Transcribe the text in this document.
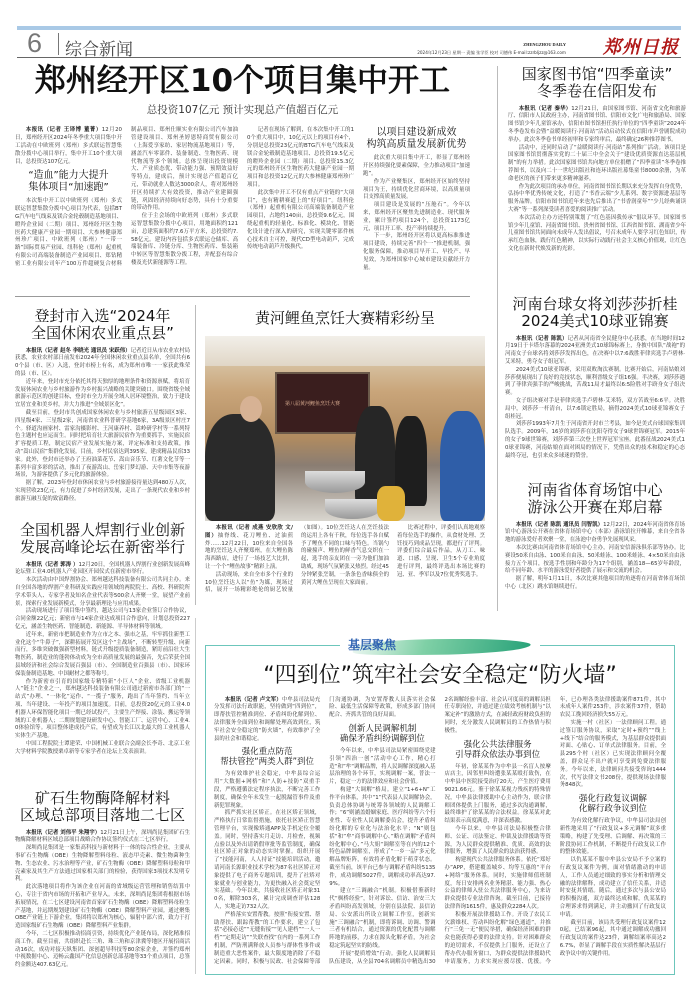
6 综合新闻	ZHENGZHOU DAILY
2024年12月23日 星期一 责编 张学臣 校对 司德伟 E-mail:zzrbljzz@163.com 郑州日报
郑州经开区10个项目集中开工
总投资107亿元 预计实现总产值超百亿元

本报讯（记者 王译博 董菁）12月20日，郑州经开区2024年冬季重大项目集中开工活动在中欧班列（郑州）多式联运智慧集散分拨中心项目举行，集中开工10个重大项目，总投资达107亿元。

“造血”能力大提升
集体项目“加速跑”

本次集中开工以中欧班列（郑州）多式联运智慧集散分拨中心项目为代表，包括BTG汽车电气线束及镁合金轮毂制造基地项目、瞪羚企业园（二期）项目、郑州经开区生物医药大健康产业园一期项目、大参林健康郑州珍广项目、中欧班列（郑州）“一带一路”国际贸易产业园、纽科伦（郑州）起重机有限公司高端装备制造产业园项目、郑钻精密工业有限公司年产100万件超硬复合材料制品项目、郑州仕顺实业有限公司汽车加油管建设项目、郑州圣婷恩特商贸有限公司（上海爱享家纺、家居物流基地项目）等，涵盖汽车零部件、装备制造、生物医药、现代物流等多个领域。总体呈现出投资规模大、产业质态优、带动能力强、预期效益好等特点，建成后，预计实现总产值超百亿元，带动就业人数达3000余人，将对郑州经开区持续扩大有效投资，推动产业建圈强链，巩固经济持续向好态势，具有十分重要的带动作用。

位于主会场的中欧班列（郑州）多式联运智慧集散分拨中心项目，用地面积约121亩，总建筑面积约7.6万平方米，总投资约7.58亿元。建设内容包括多式联运仓储库、高端装备库、冷链分库、生物医药库、集装箱中转区等智慧集散分拨工程，并配套有综合楼及光伏新能源等工程。

记者在现场了解到，在本次集中开工的10个重大项目中，10亿元以上的项目有4个，分别是总投资23亿元的BTG汽车电气线束及镁合金轮毂制造基地项目、总投资19.5亿元的瞪羚企业园（二期）项目、总投资15.3亿元的郑州经开区生物医药大健康产业园一期项目和总投资12亿元的大参林健康郑州珍广项目。

此次集中开工不仅有重点产业链的“大项目”，也有精耕赛道上的“好项目”。纽科伦（郑州）起重机有限公司高端装备制造产业园项目，占地约140亩，总投资9.6亿元，围绕起重机的轻量化、标准化、模块化、智能化设计进行深入的研究，实现关键零部件核心技术自主可控，现代CD型电动葫芦，完成传统电动葫芦升级换代。

以项目建设新成效
构筑高质量发展新优势

此次重大项目集中开工，彰显了郑州经开区持续强化要素保障，全力推动项目“加速跑”。

作为产业聚集区，郑州经开区始终坚持项目为王，持续优化营商环境，以高质量项目支撑高质量发展。

项目建设是发展的“压舱石”。今年以来，郑州经开区聚焦先进制造业、现代服务业，累计签约项目124个，总投资1173亿元，项目开工率、投产率持续提升。

下一步，郑州经开区将以更高标准推进项目建设，持续完善“四个一”推进机制，强化服务保障，推动项目早开工、早投产、早见效，为郑州国家中心城市建设贡献经开力量。

国家图书馆“四季童读”
冬季卷在信阳发布

本报讯（记者 秦华）12月21日，由国家图书馆、河南省文化和旅游厅、信阳市人民政府主办，河南省图书馆、信阳市文化广电和旅游局、国家图书馆少年儿童馆承办，信阳市图书馆担任执行单位的“四季童读”2024年冬季卷发布会暨“益暖阅读行·河南站”活动启动仪式在信阳市声誉剧院成功举办。此次冬季卷书单经初审和专家终审后，最终确定26种推荐图书。

活动中，还同时启动了“益暖阅读行·河南站”系列推广活动。该项目是国家图书馆贯彻落实党的二十届三中全会关于“建设优质资源直达基层机制”的有力举措。此次国家图书馆共向地方单位捐赠了“四季童读”冬季卷推荐图书，以及向二十一世纪出版社和连环出版社募集童书8000余册，为革命老区的孩子们带来更多精神滋养。

作为此次项目的承办单位，河南省图书馆长期以来充分发挥自身优势，弘扬中华优秀传统文化，打造了“书香云端”少儿系列、数字资源进基层等服务品牌。信阳市图书馆近年来也先后推出了“书香润童年”“少儿经典诵读大赛”等一系列深受读者喜爱的阅读推广活动。

本次活动主办方还特别策划了“红色基因我传承”倡议环节。国家图书馆少年儿童馆、河南省图书馆、贵州省图书馆、江西省图书馆、湖南省少年儿童图书馆共同面向未成年人发出倡议，号召未成年人要学习红色知识，传承红色血脉，践行红色精神，以实际行动践行社会主义核心价值观，让红色文化在新时代焕发新的光彩。

登封市入选“2024年
全国休闲农业重点县”

本报讯（记者 赵冬 李晓光 通讯员 宋跃伟）记者近日从市农业农村局获悉，农业农村部日前发布2024年全国休闲农业重点县名单，全国共有60个县（市、区）入选，登封市榜上有名，成为郑州市唯一一家获此殊荣的县（市、区）。

近年来，登封市充分依托其得天独厚的地理条件和资源禀赋，将培育发展休闲农业与乡村旅游作为乡村振兴战略的关键突破口。围绕省级全域旅游示范区的创建目标，登封市全力开展全域人居环境整治，致力于建设宜居宜业和美乡村，并大力推进“全域景区化”。

截至目前，登封市共创成国家休闲农业与乡村旅游五星级园区3家、四星级4家、三星级2家，河南省农业科普研学基地6家，3A级景区村庄7个。驿道沟画家村、雷家沟摄影村、王河康养村、嵩岭研学村等一系列特色主题村也应运而生。同时把培育壮大旅游民宿作为重要抓手，实施民宿扩容提质工程，制定民宿产业发展实施方案，评定标准和支持政策，推动“嵩山民宿”集群化发展。目前，乡村民宿达到395家，建成精品民宿33家。此外，登封市还举办了王府油菜花节、嵩山音乐节、红薯文化节等一系列丰富多彩的活动，推出了夜游嵩山、岳家门梦幻游、天中市集等夜游场景，为游客提供了多元化的旅游体验。

据了解，2023年登封市休闲农业与乡村旅游接待量达到480万人次，实现营收23亿元，有力促进了乡村经济发展，走出了一条现代农业和乡村旅游互融互促的致富路径。

全国机器人焊割行业创新
发展高峰论坛在新密举行

本报讯（记者 郭涛 ）12月20日，全国机器人焊割行业创新发展高峰论坛暨工业4.0机器人产业园区开园仪式在新密市举行。

本次活动由中国焊割协会、郑州越达科技装备有限公司共同主办。来自全国各地的焊割产业科研及实践应用领域的两院院士、高校、科研院所学术带头人、专家学者及知名企业代表等500余人齐聚一堂，展望产业前景，探索行业发展新模式，分享最新理论与应用成果。

活动现场进行了项目集中签约，越达公司与13家企业签订合作协议，合同金额22亿元；新密市与14家企业达成项目合作意向，计划总投资227亿元，涵盖生物医药、智能制造、新能源、半导体材料等领域。

近年来，新密市把制造业作为立市之本、强市之基，牢牢抓住新型工业化这个“牛鼻子”，深耕拓展开发区这个“主战场”，不断转型升级、向新而行，多维突破做强新型材料，链式升级提质装备制造，紧盯前沿壮大生物医药，制造业的蓬勃体动成为全市高质量发展的最强音，先后荣获全国县域经济和社会综合发展百强县（市）、全国制造业百强县（市）、国家环保装备制造基地、中国耐材之都等称号。

作为新密市引育的国家级专精特新“小巨人”企业、省级工业机器人“链主”企业之一，郑州越达科技装备有限公司通过新密市各部门的“一站式”办理、“一体化”运作、“一揽子”服务，跑出了当年签约、当年立项、当年建设、一年投产的项目加速度。目前，总投资20亿元的工业4.0机器人环保智能化项目一期已经试投产，主要生产焊接、涂装、搬运等领域的工业机器人；二期规划建设研发中心、智能工厂、运营中心、工业4.0体验馆等。项目整体建成投产后，有望成为长江以北最大的工业机器人实体生产基地。

中国工程院院士谭建荣、中国机械工业联合会副会长李奇、北京工业大学材料学院教授栗卓新等专家学者在论坛上发表演讲。

矿石生物酶降解材料
区域总部项目落地二七区

本报讯（记者 刘伟平 朱翔宇）12月21日上午，深圳尚昆集团矿石生物酶降解材料区域总部项目战略合作协议签约仪式在二七区举行。

深圳尚昆集团是一家集高科技与新材料于一体的综合性企业，主要从事矿石生物酶（OBE）生物降解塑料母粒、液态甲壳素、微生物菌种生物、生态农业、污水治理等产业，矿石生物酶（OBE）降解塑料母粒和甲壳素家及其生产方法通过国家相关部门的检验，获得国家3项技术发明专利。

此次落地项目将作为该企业在河南的省域级运营管理和销售结算中心，专注于省内市场的开拓和产业导入。未来，深圳尚昆集团将根据市场拓展情况，在二七区建设河南省首家矿石生物酶（OBE）降解塑料母粒生产基地，并远期规划建设矿石生物酶（OBE）降解塑料产业园。通过聚集OBE产业链上下游企业，集团将以郑州为核心，辐射中部六省，致力于打造国家级矿石生物酶（OBE）降解塑料产业集群。

今年，二七区积极推动招商引资，持续优化产业链布局，深化精准招商工作。截至目前，共组织赴长三角、珠三角和京津冀等地区开展招商活动16次，成功对接天纵集团、深创超导科技等80余家企业，并签约郑州中视数据中心、迈畅云鑫国产化信息创新总部基地等33个重点项目，总签约金额达407.63亿元。

黄河鲤鱼烹饪大赛精彩纷呈
第八届黄河鲤鱼烹饪大赛

本报讯（记者 成燕 安欣欣 文/图）抽脊线、花刀鲤鱼、过油煎炸……12月22日，10位来自全国各地的烹饪达人齐聚郑州，在大鲤鱼陈海西路店，进行了一场技艺大比拼，让一个个“鲤鱼故事”精彩上演。

活动现场，来自全市多个行业的10位烹饪达人以“鱼”为媒，现场过招，展开一场精彩绝伦的厨艺较量（如图）。10位烹饪达人在烹饪技法的运用上各有千秋，每位选手各自赋予了鲤鱼不同的口味与特色。当锅勺的碰撞声、鲤鱼的鲜香气息交织在一起，选手的亲友团在一旁为他们加油助威，现场气氛紧张又热烈。经过45分钟紧张烹制，一条条色香味俱全的黄河大鲤鱼呈现在大家面前。

比赛过程中，评委们认真地观察着每位选手的操作，从食材处理、烹饪技巧到成品呈现，都进行了评判。评委们综合最后作品，从刀工、味道、口感、呈现、卫生5个专业角度进行评判，最终评选出本场比赛的冠、亚、季军以及7位优秀奖选手。

河南台球女将刘莎莎折桂
2024美式10球亚锦赛

本报讯（记者 陈凯）记者从河南省全民健身中心获悉，在当地时间12月19日于卡塔尔落幕的2024亚洲美式10球锦标赛上，身披中国队“战袍”的河南女子台球名将刘莎莎发挥出色，在决赛中以7:6战胜菲律宾选手卢碧林·艾米特，勇夺女子组冠军。

2024美式10球亚锦赛，采用双败淘汰赛制。比赛开始后，河南姑娘刘莎莎便展现出了良好的竞技状态，顺利晋级女子组16强。半决赛，刘莎莎遇到了菲律宾强手的严峻挑战，苦战11局才最终以6:5险胜对手跻身女子组决赛。

女子组决赛对手是菲律宾选手卢碧林·艾米特，双方苦战至6:6平。决胜局中，刘莎莎一杆清台，以7:6锁定胜局，摘得2024美式10球亚锦赛女子组桂冠。

刘莎莎1993年7月生于河南省开封市兰考县，如今是美式台球国家集训队选手。2009年，16岁的刘莎莎在沈阳夺得女子9球世锦赛冠军。2015年的女子9球世锦赛，刘莎莎第三次登上世界冠军宝座。此番征战2024美式10球亚锦赛，河南姑娘在面对困局的情况下，凭借出众的技术和稳定的心态最终夺冠，也引来众多球迷的赞誉。

河南省体育场馆中心
游泳公开赛在郑启幕

本报讯（记者 陈凯 通讯员 闫智凯）12月22日，2024年河南省体育场馆中心游泳公开赛在省体育场馆中心（本部）游泳馆拉开帷幕，来自全省各地的游泳爱好者欢聚一堂，在泳池中奋勇争先展现风采。

本次比赛由河南省体育场馆中心主办，河南安信游泳俱乐部等协办。比赛设50米自由泳、100米自由泳、50米蛙泳、100米蛙泳、4×50米自由泳接力五个项目，按选手性别和年龄分为17个组别，涵盖18—65岁年龄段，给不同年龄、水平的游泳爱好者提供了展示和交流的机会。

据了解，明年1月11日，本次比赛其他项目的角逐将在河南省体育场馆中心（北区）跳水馆继续进行。

“四到位”筑牢社会安全稳定“防火墙”

本报讯（记者 卢文军）中牟县司法局充分发挥司法行政职能，坚持做到“四到位”，即帮扶管控精准到位、矛盾纠纷化解到位、法律服务全面到位和调解处理高效到位，筑牢社会安全稳定的“防火墙”，有效维护了全县的社会和谐稳定。

强化重点防范
帮扶管控“两类人群”到位

为有效维护社会稳定，中牟县综合运用“大数据+网格”和“人防+技防”双重手段，严格遵循法定程序执法，不断完善工作制度，确保全年未发生一起脱漏管事件及重新犯罪现象。

抓严抓实社区矫正。在社区矫正领域，严格执行日常监督措施，依托社区矫正智慧管理平台，实现像矫通APP及手机定位全覆盖。同时，坚持落实月走访、月检查，视频点验以及外出请销假审批等监管制度，确保社区矫正对象的动态实时掌握。组织开展了“技能河南，人人持证”技能培训活动，邀请河南长源职业技术学校为87名社区矫正对象提供了电子商务专题培训，提升了社矫对象就业与创业能力，为更快融入社会奠定坚实基础。今年以来，共接收社区矫正对象310名，解除303名，累计完成调查评估128人，实地走访732人次。

严格落实安置帮教。按照“衔接安置、帮助帮扶、跟踪帮教”的工作要求，建立了包括“必接必送”“无缝衔接”“见人建档”“一人一档”“定期走访”“失联查找”在内的一系列工作机制，严防刑满释放人员参与群体性事件或制造重大恶性案件，最大限度地消除了不稳定因素。同时，积极与民政、社会保障等部门沟通协调，为安置帮教人员落实社会保险、最低生活保障等政策，形成多部门协同配合、齐抓共管的良好局面。

创新人民调解机制
确保矛盾纠纷调解到位

今年以来，中牟县司法局紧密围绕党建引领“四治一创”活动中心工作，精心打造“和”牟“调解品牌，将人民调解深度融入基层治理的各个环节，实现调解一案，普法一片，稳定一方的法律效应和社会价值。

构建“大调解”格局。建立“1+6+N”工作平台体系，其中“1”代表县人民调解协会，负责总体协调与统筹各领域的人民调解工作；“6”则涵盖婚姻家庭、医疗纠纷等六个行业性、专业性人民调解委员会，提升矛盾纠纷化解的专业化与法治化水平；“N”则包括“和”牟“商事调解中心、”略在调解“矛盾纠纷化解中心、”马大姐“调解室等在内的12个特色品牌调解室，形成了“一乡一品”多元化解品牌矩阵，有效将矛盾化解于萌芽状态。截至当前，该平台已参与调解矛盾纠纷5135件，成功调解5027件，调解成功率高达97.9%。

建立“三调融合”机制。积极借鉴新时代“枫桥经验”，针对诉讼、信访、治安三大矛盾纠纷高发领域，分别在县法院、县信访局、公安派出所设立调解工作室，创新实施“三调融合”机制，即将诉调、访调、警调三者有机结合，通过资源的优化配置与调解阵地的前移，力求在源头化解矛盾，为社会稳定筑起坚实的防线。

开展“提质增效”行动。强化人民调解员队伍建设，从全县704名调解员中精选出302名调解经验丰富、社会认可度高的调解员担任专职岗位，并通过建立绩效考核机制与“以案定补”的激励方式，在减轻政府财政负担的同时，充分激发人民调解员的工作热情与积极性。

强化公共法律服务
引导群众依法办事到位

年初，徐某某作为中牟县一名盲人按摩店店主，因邻里纠纷遭张某某殴打致伤，在中牟县中医院接受治疗20天，产生医疗费用9021.66元。鉴于徐某某视力残疾的特殊情况，中牟县法律援助中心主动作为，联合律师团体提供上门服务，通过多次沟通调解，最终维护了徐某某的合法权益。徐某某对此结果表示高度满意，并深表感激。

今年以来，中牟县司法局积极整合律师、公证、司法鉴定、仲裁及法律援助等资源，为人民群众提供精准、优质、高效的法律服务，增强了人民群众的法治获得感。

构建现代公共法律服务体系。依托“郑好办”APP，搭建覆盖城乡、均等互惠的“平台+网络”服务体系。同时，实施律师值班制度，每日安排两名业务精湛、能力强、热心公益的律师入驻公共法律服务中心，为来访群众提供专业法律咨询。截至目前，已接待法律咨询1615件，惠及群众2284人次。

积极开展法律援助工作。开设了农民工欠薪维权、劳动纠纷化解“绿色通道”，并推行“三免一无”便民举措，确保经济困难的群众也能获得必要的法律支持。针对困难群众的迫切需求，不仅提供上门服务，还设立了帮办代办服务窗口，为群众提供法律援助代申请服务，力求实现应援尽援、优援。今年，已办理各类法律援助案件871件，其中未成年人案件253件，涉农案件37件，帮助农民工挽回经济损失55万元。

实施一村（社区）一法律顾问工程。通过签订服务协议，采取“定时+预约”“线上+线下”结合的服务模式，为基层群众提供面对面、心贴心、订单式法律服务。目前，全县295个村（社区）已实现法律顾问全覆盖，群众足不出户就可享受到免费法律服务。今年以来，法律顾问共接受咨询1444次，代写法律文书208份，提供现场法律服务848次。

强化行政复议调解
化解行政争议到位

为有效化解行政争议，中牟县司法局创新性地采用了“行政复议+多元调解”双多重策略，构建了先受理、后调解、再决策的三阶段协同工作机制，不断提升行政复议工作的整体效能。

以仇某某不服中牟县公安局不予立案的行政复议案件为例，面对情绪激动的申请人，工作人员通过细致的事实分析和情理交融的法律解释，成功建立了信任关系，并适时安抚其情绪。随后，通过多次与县公安局的积极沟通，双方最终达成和解，仇某某的合理诉求得到满足，并主动撤回了行政复议申请。

截至目前，该局共受理行政复议案件120起，已结案96起，其中通过调解成功撤回行政复议的案件达23件，调解结案率高达26.7%，彰显了调解手段在实质性解决基层行政争议中的关键作用。

基层聚焦
